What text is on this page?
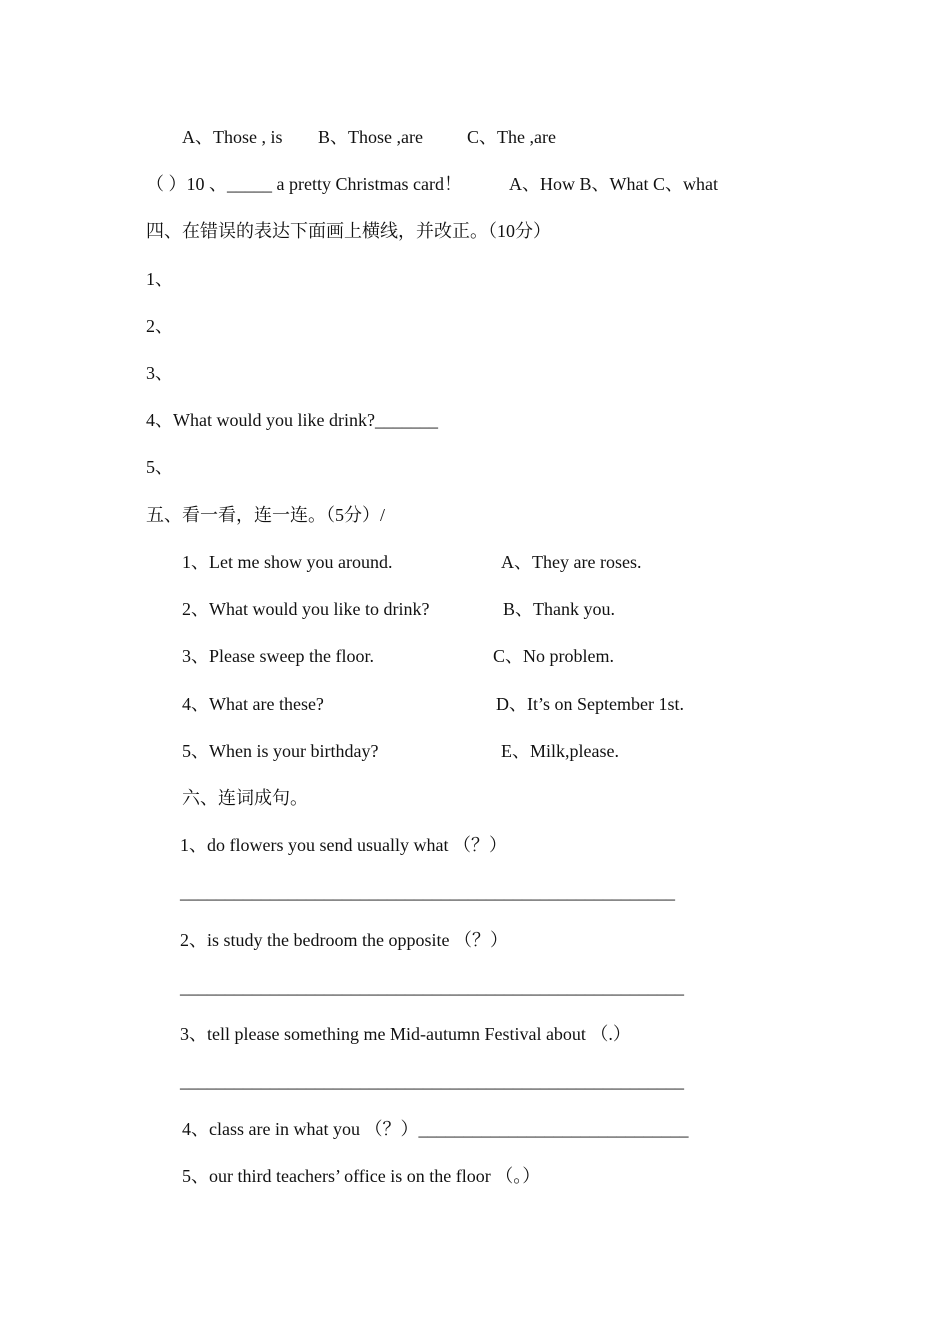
A、Those , is B、Those ,are C、The ,are
（ ）10 、_____ a pretty Christmas card！	A、How B、What C、what
四、在错误的表达下面画上横线，并改正。（10分）
1、
2、
3、
4、What would you like drink?_______
5、
五、看一看，连一连。（5分）/
1、Let me show you around.	A、They are roses.
2、What would you like to drink?	B、Thank you.
3、Please sweep the floor.	C、No problem.
4、What are these?	D、It’s on September 1st.
5、When is your birthday?	E、Milk,please.
六、连词成句。
1、do flowers you send usually what （？）
_______________________________________________________
2、is study the bedroom the opposite （？）
________________________________________________________
3、tell please something me Mid-autumn Festival about （.）
________________________________________________________
4、class are in what you （？）______________________________
5、our third teachers’ office is on the floor （。）
